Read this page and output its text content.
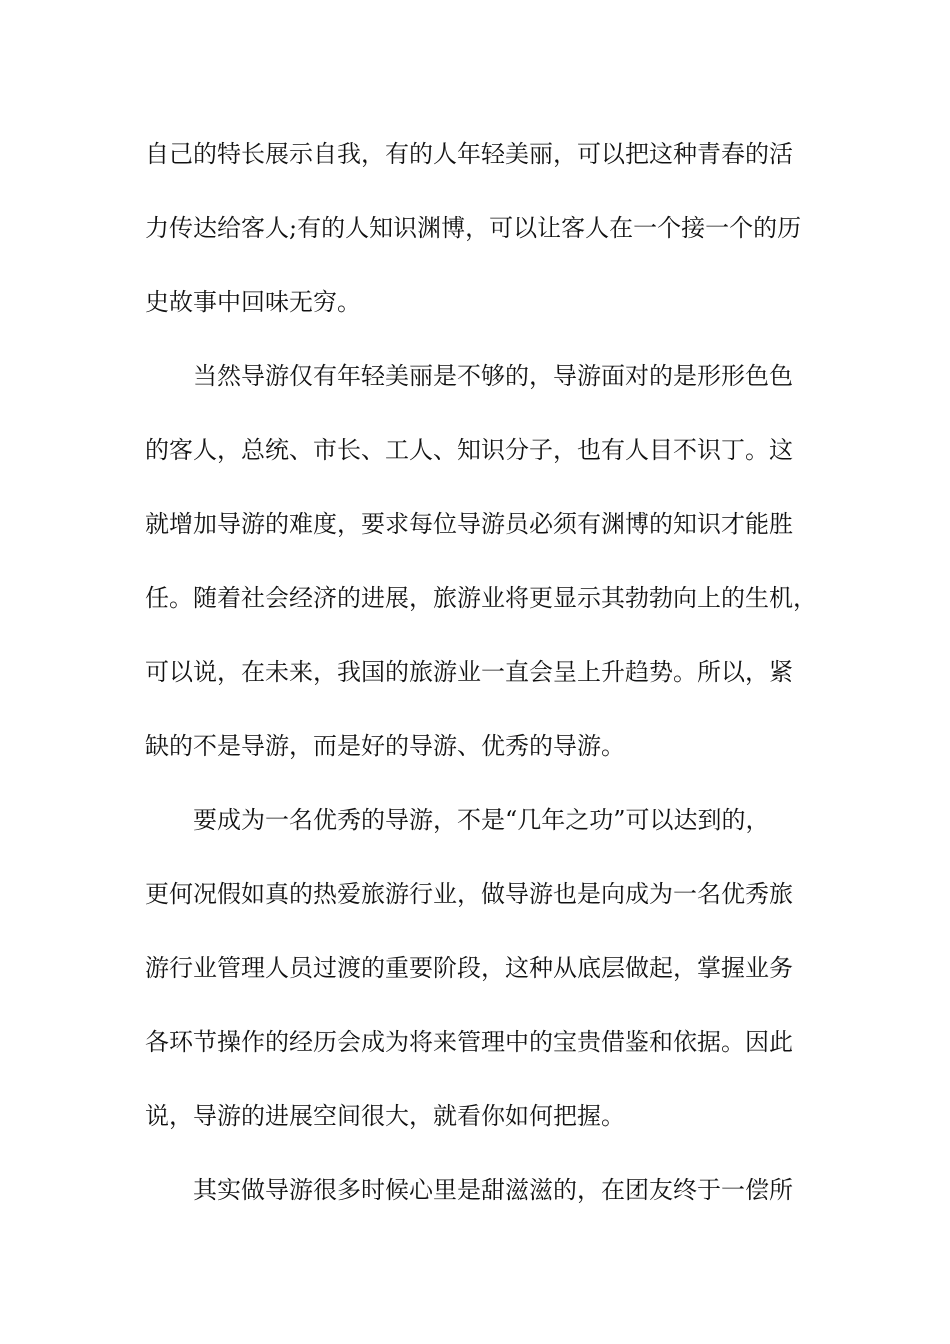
自己的特长展示自我，有的人年轻美丽，可以把这种青春的活
力传达给客人;有的人知识渊博，可以让客人在一个接一个的历
史故事中回味无穷。
当然导游仅有年轻美丽是不够的，导游面对的是形形色色
的客人，总统、市长、工人、知识分子，也有人目不识丁。这
就增加导游的难度，要求每位导游员必须有渊博的知识才能胜
任。随着社会经济的进展，旅游业将更显示其勃勃向上的生机，
可以说，在未来，我国的旅游业一直会呈上升趋势。所以，紧
缺的不是导游，而是好的导游、优秀的导游。
要成为一名优秀的导游，不是“几年之功”可以达到的，
更何况假如真的热爱旅游行业，做导游也是向成为一名优秀旅
游行业管理人员过渡的重要阶段，这种从底层做起，掌握业务
各环节操作的经历会成为将来管理中的宝贵借鉴和依据。因此
说，导游的进展空间很大，就看你如何把握。
其实做导游很多时候心里是甜滋滋的，在团友终于一偿所
